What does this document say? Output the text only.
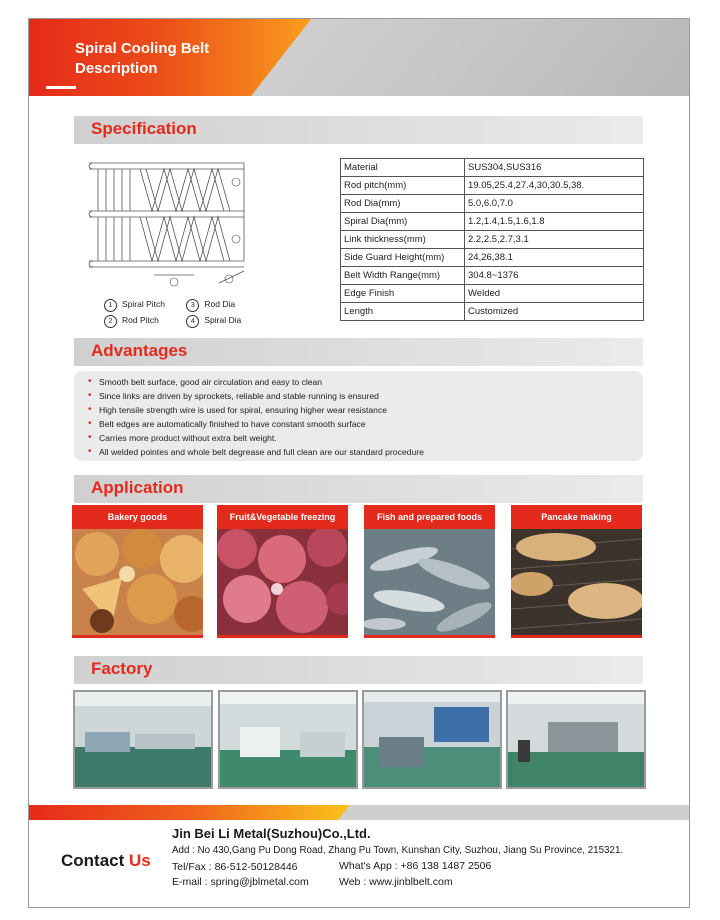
Spiral Cooling Belt
Description
Specification
1 Spiral Pitch	3 Rod Dia
2 Rod Pitch	4 Spiral Dia
Material	SUS304,SUS316
Rod pitch(mm)	19.05,25.4,27.4,30,30.5,38.
Rod Dia(mm)	5.0,6.0,7.0
Spiral Dia(mm)	1.2,1.4,1.5,1.6,1.8
Link thickness(mm)	2.2,2.5,2.7,3.1
Side Guard Height(mm)	24,26,38.1
Belt Width Range(mm)	304.8~1376
Edge Finish	Welded
Length	Customized
Advantages
• Smooth belt surface, good air circulation and easy to clean
• Since links are driven by sprockets, reliable and stable running is ensured
• High tensile strength wire is used for spiral, ensuring higher wear resistance
• Belt edges are automatically finished to have constant smooth surface
• Carries more product without extra belt weight.
• All welded pointes and whole belt degrease and full clean are our standard procedure
Application
Bakery goods	Fruit&Vegetable freezing	Fish and prepared foods	Pancake making
Factory
Jin Bei Li Metal(Suzhou)Co.,Ltd.
Contact Us
Add : No 430,Gang Pu Dong Road, Zhang Pu Town, Kunshan City, Suzhou, Jiang Su Province, 215321.
Tel/Fax : 86-512-50128446	What's App : +86 138 1487 2506
E-mail : spring@jblmetal.com	Web : www.jinblbelt.com
